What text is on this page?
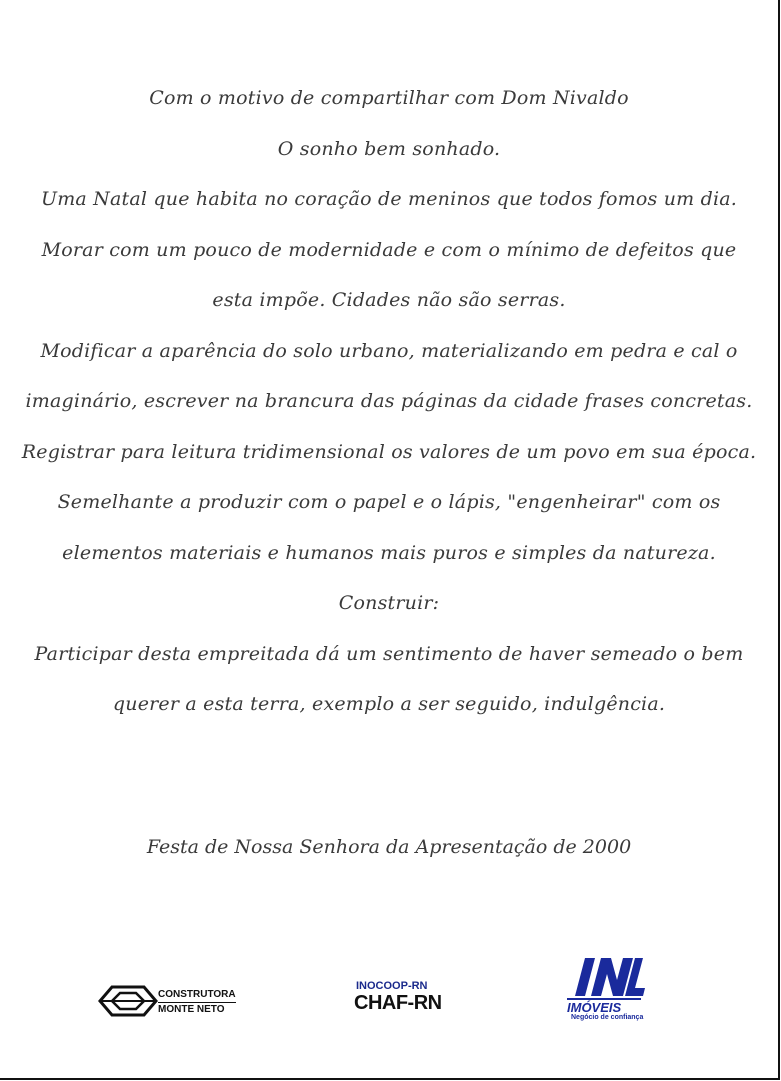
Com o motivo de compartilhar com Dom Nivaldo
O sonho bem sonhado.
Uma Natal que habita no coração de meninos que todos fomos um dia.
Morar com um pouco de modernidade e com o mínimo de defeitos que
esta impõe. Cidades não são serras.
Modificar a aparência do solo urbano, materializando em pedra e cal o
imaginário, escrever na brancura das páginas da cidade frases concretas.
Registrar para leitura tridimensional os valores de um povo em sua época.
Semelhante a produzir com o papel e o lápis, "engenheirar" com os
elementos materiais e humanos mais puros e simples da natureza.
Construir:
Participar desta empreitada dá um sentimento de haver semeado o bem
querer a esta terra, exemplo a ser seguido, indulgência.
Festa de Nossa Senhora da Apresentação de 2000
CONSTRUTORA
MONTE NETO
INOCOOP-RN
CHAF-RN	IMÓVEIS
Negócio de confiança
